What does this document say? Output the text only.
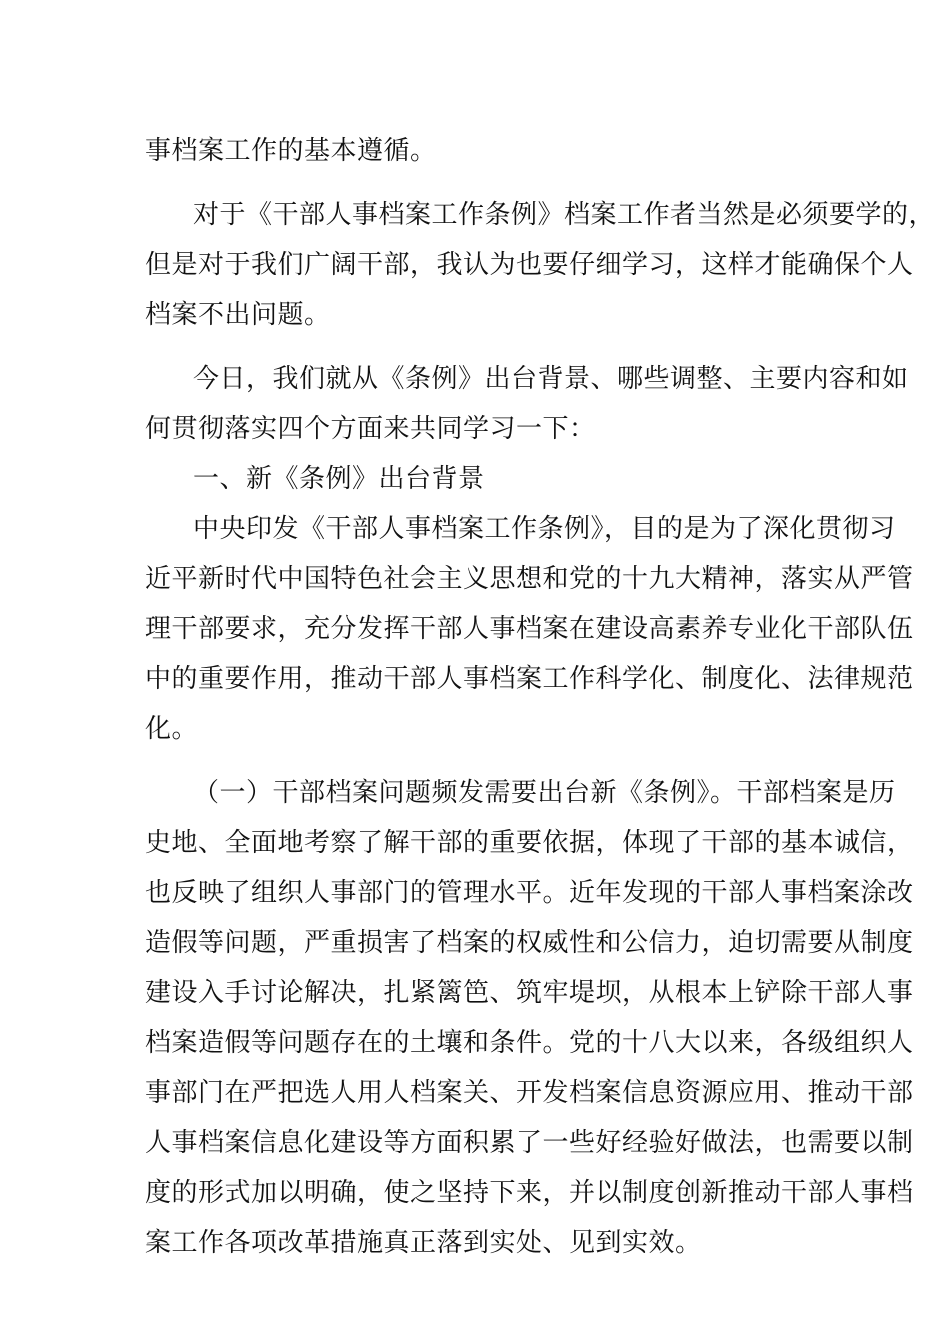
事档案工作的基本遵循。
对于《干部人事档案工作条例》档案工作者当然是必须要学的，
但是对于我们广阔干部，我认为也要仔细学习，这样才能确保个人
档案不出问题。
今日，我们就从《条例》出台背景、哪些调整、主要内容和如
何贯彻落实四个方面来共同学习一下：
一、新《条例》出台背景
中央印发《干部人事档案工作条例》，目的是为了深化贯彻习
近平新时代中国特色社会主义思想和党的十九大精神，落实从严管
理干部要求，充分发挥干部人事档案在建设高素养专业化干部队伍
中的重要作用，推动干部人事档案工作科学化、制度化、法律规范
化。
（一）干部档案问题频发需要出台新《条例》。干部档案是历
史地、全面地考察了解干部的重要依据，体现了干部的基本诚信，
也反映了组织人事部门的管理水平。近年发现的干部人事档案涂改
造假等问题，严重损害了档案的权威性和公信力，迫切需要从制度
建设入手讨论解决，扎紧篱笆、筑牢堤坝，从根本上铲除干部人事
档案造假等问题存在的土壤和条件。党的十八大以来，各级组织人
事部门在严把选人用人档案关、开发档案信息资源应用、推动干部
人事档案信息化建设等方面积累了一些好经验好做法，也需要以制
度的形式加以明确，使之坚持下来，并以制度创新推动干部人事档
案工作各项改革措施真正落到实处、见到实效。
